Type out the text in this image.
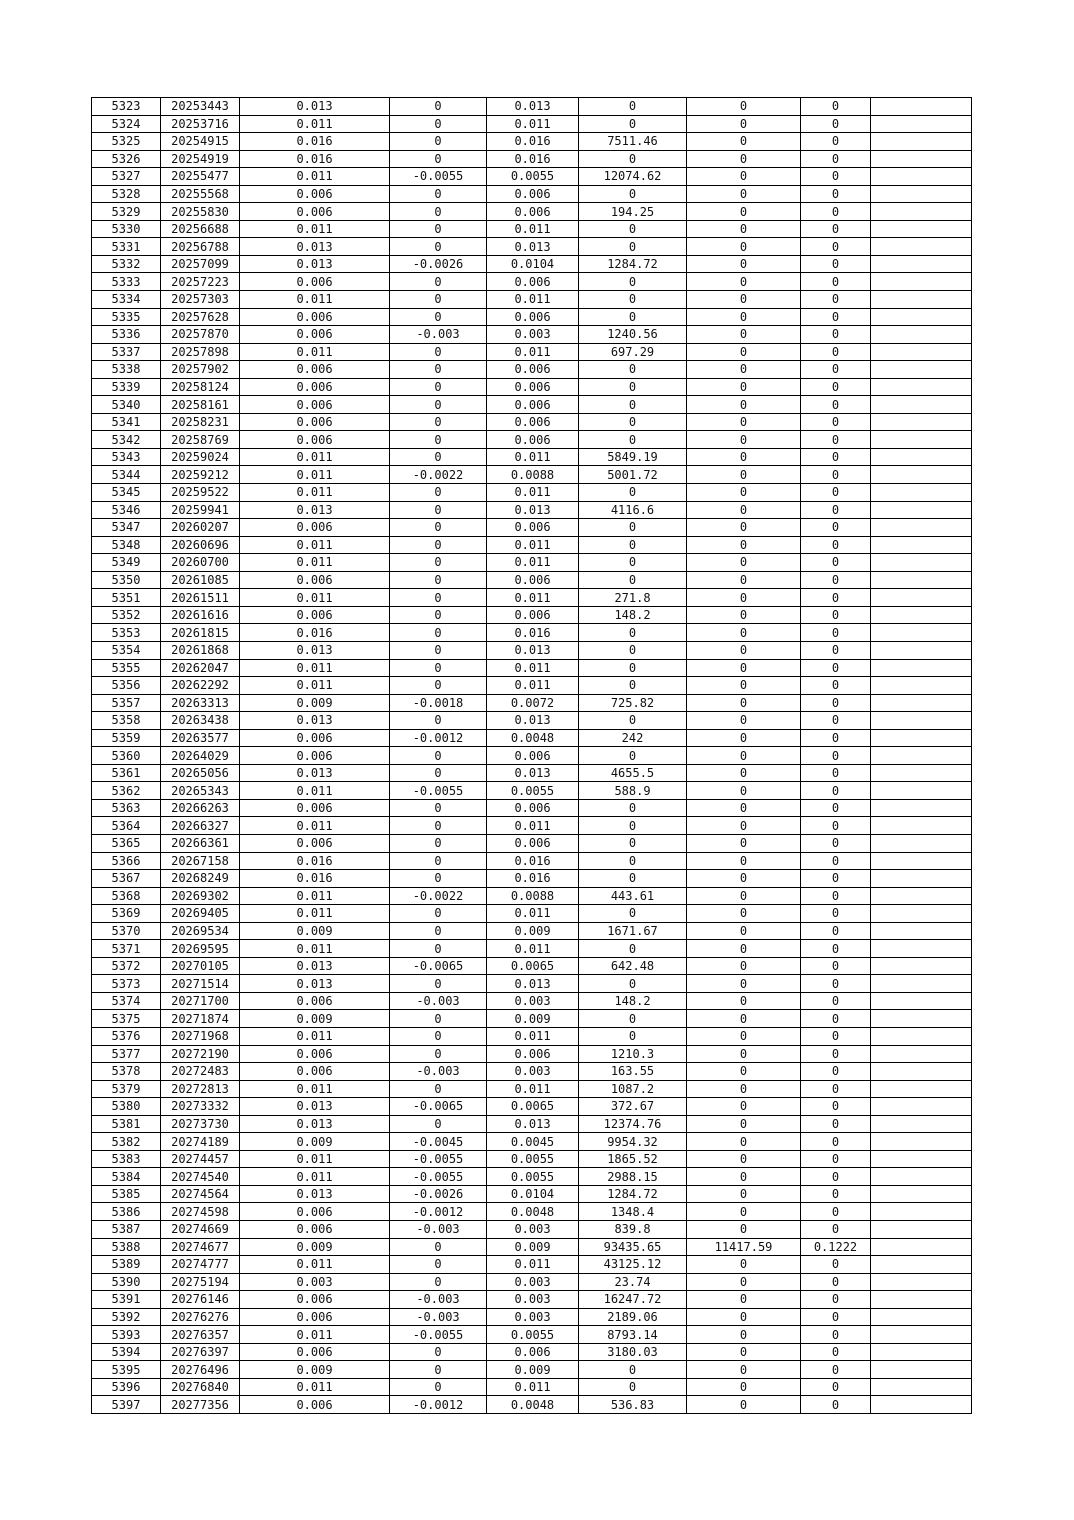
5323	20253443	0.013	0	0.013	0	0	0	
5324	20253716	0.011	0	0.011	0	0	0	
5325	20254915	0.016	0	0.016	7511.46	0	0	
5326	20254919	0.016	0	0.016	0	0	0	
5327	20255477	0.011	-0.0055	0.0055	12074.62	0	0	
5328	20255568	0.006	0	0.006	0	0	0	
5329	20255830	0.006	0	0.006	194.25	0	0	
5330	20256688	0.011	0	0.011	0	0	0	
5331	20256788	0.013	0	0.013	0	0	0	
5332	20257099	0.013	-0.0026	0.0104	1284.72	0	0	
5333	20257223	0.006	0	0.006	0	0	0	
5334	20257303	0.011	0	0.011	0	0	0	
5335	20257628	0.006	0	0.006	0	0	0	
5336	20257870	0.006	-0.003	0.003	1240.56	0	0	
5337	20257898	0.011	0	0.011	697.29	0	0	
5338	20257902	0.006	0	0.006	0	0	0	
5339	20258124	0.006	0	0.006	0	0	0	
5340	20258161	0.006	0	0.006	0	0	0	
5341	20258231	0.006	0	0.006	0	0	0	
5342	20258769	0.006	0	0.006	0	0	0	
5343	20259024	0.011	0	0.011	5849.19	0	0	
5344	20259212	0.011	-0.0022	0.0088	5001.72	0	0	
5345	20259522	0.011	0	0.011	0	0	0	
5346	20259941	0.013	0	0.013	4116.6	0	0	
5347	20260207	0.006	0	0.006	0	0	0	
5348	20260696	0.011	0	0.011	0	0	0	
5349	20260700	0.011	0	0.011	0	0	0	
5350	20261085	0.006	0	0.006	0	0	0	
5351	20261511	0.011	0	0.011	271.8	0	0	
5352	20261616	0.006	0	0.006	148.2	0	0	
5353	20261815	0.016	0	0.016	0	0	0	
5354	20261868	0.013	0	0.013	0	0	0	
5355	20262047	0.011	0	0.011	0	0	0	
5356	20262292	0.011	0	0.011	0	0	0	
5357	20263313	0.009	-0.0018	0.0072	725.82	0	0	
5358	20263438	0.013	0	0.013	0	0	0	
5359	20263577	0.006	-0.0012	0.0048	242	0	0	
5360	20264029	0.006	0	0.006	0	0	0	
5361	20265056	0.013	0	0.013	4655.5	0	0	
5362	20265343	0.011	-0.0055	0.0055	588.9	0	0	
5363	20266263	0.006	0	0.006	0	0	0	
5364	20266327	0.011	0	0.011	0	0	0	
5365	20266361	0.006	0	0.006	0	0	0	
5366	20267158	0.016	0	0.016	0	0	0	
5367	20268249	0.016	0	0.016	0	0	0	
5368	20269302	0.011	-0.0022	0.0088	443.61	0	0	
5369	20269405	0.011	0	0.011	0	0	0	
5370	20269534	0.009	0	0.009	1671.67	0	0	
5371	20269595	0.011	0	0.011	0	0	0	
5372	20270105	0.013	-0.0065	0.0065	642.48	0	0	
5373	20271514	0.013	0	0.013	0	0	0	
5374	20271700	0.006	-0.003	0.003	148.2	0	0	
5375	20271874	0.009	0	0.009	0	0	0	
5376	20271968	0.011	0	0.011	0	0	0	
5377	20272190	0.006	0	0.006	1210.3	0	0	
5378	20272483	0.006	-0.003	0.003	163.55	0	0	
5379	20272813	0.011	0	0.011	1087.2	0	0	
5380	20273332	0.013	-0.0065	0.0065	372.67	0	0	
5381	20273730	0.013	0	0.013	12374.76	0	0	
5382	20274189	0.009	-0.0045	0.0045	9954.32	0	0	
5383	20274457	0.011	-0.0055	0.0055	1865.52	0	0	
5384	20274540	0.011	-0.0055	0.0055	2988.15	0	0	
5385	20274564	0.013	-0.0026	0.0104	1284.72	0	0	
5386	20274598	0.006	-0.0012	0.0048	1348.4	0	0	
5387	20274669	0.006	-0.003	0.003	839.8	0	0	
5388	20274677	0.009	0	0.009	93435.65	11417.59	0.1222	
5389	20274777	0.011	0	0.011	43125.12	0	0	
5390	20275194	0.003	0	0.003	23.74	0	0	
5391	20276146	0.006	-0.003	0.003	16247.72	0	0	
5392	20276276	0.006	-0.003	0.003	2189.06	0	0	
5393	20276357	0.011	-0.0055	0.0055	8793.14	0	0	
5394	20276397	0.006	0	0.006	3180.03	0	0	
5395	20276496	0.009	0	0.009	0	0	0	
5396	20276840	0.011	0	0.011	0	0	0	
5397	20277356	0.006	-0.0012	0.0048	536.83	0	0	
